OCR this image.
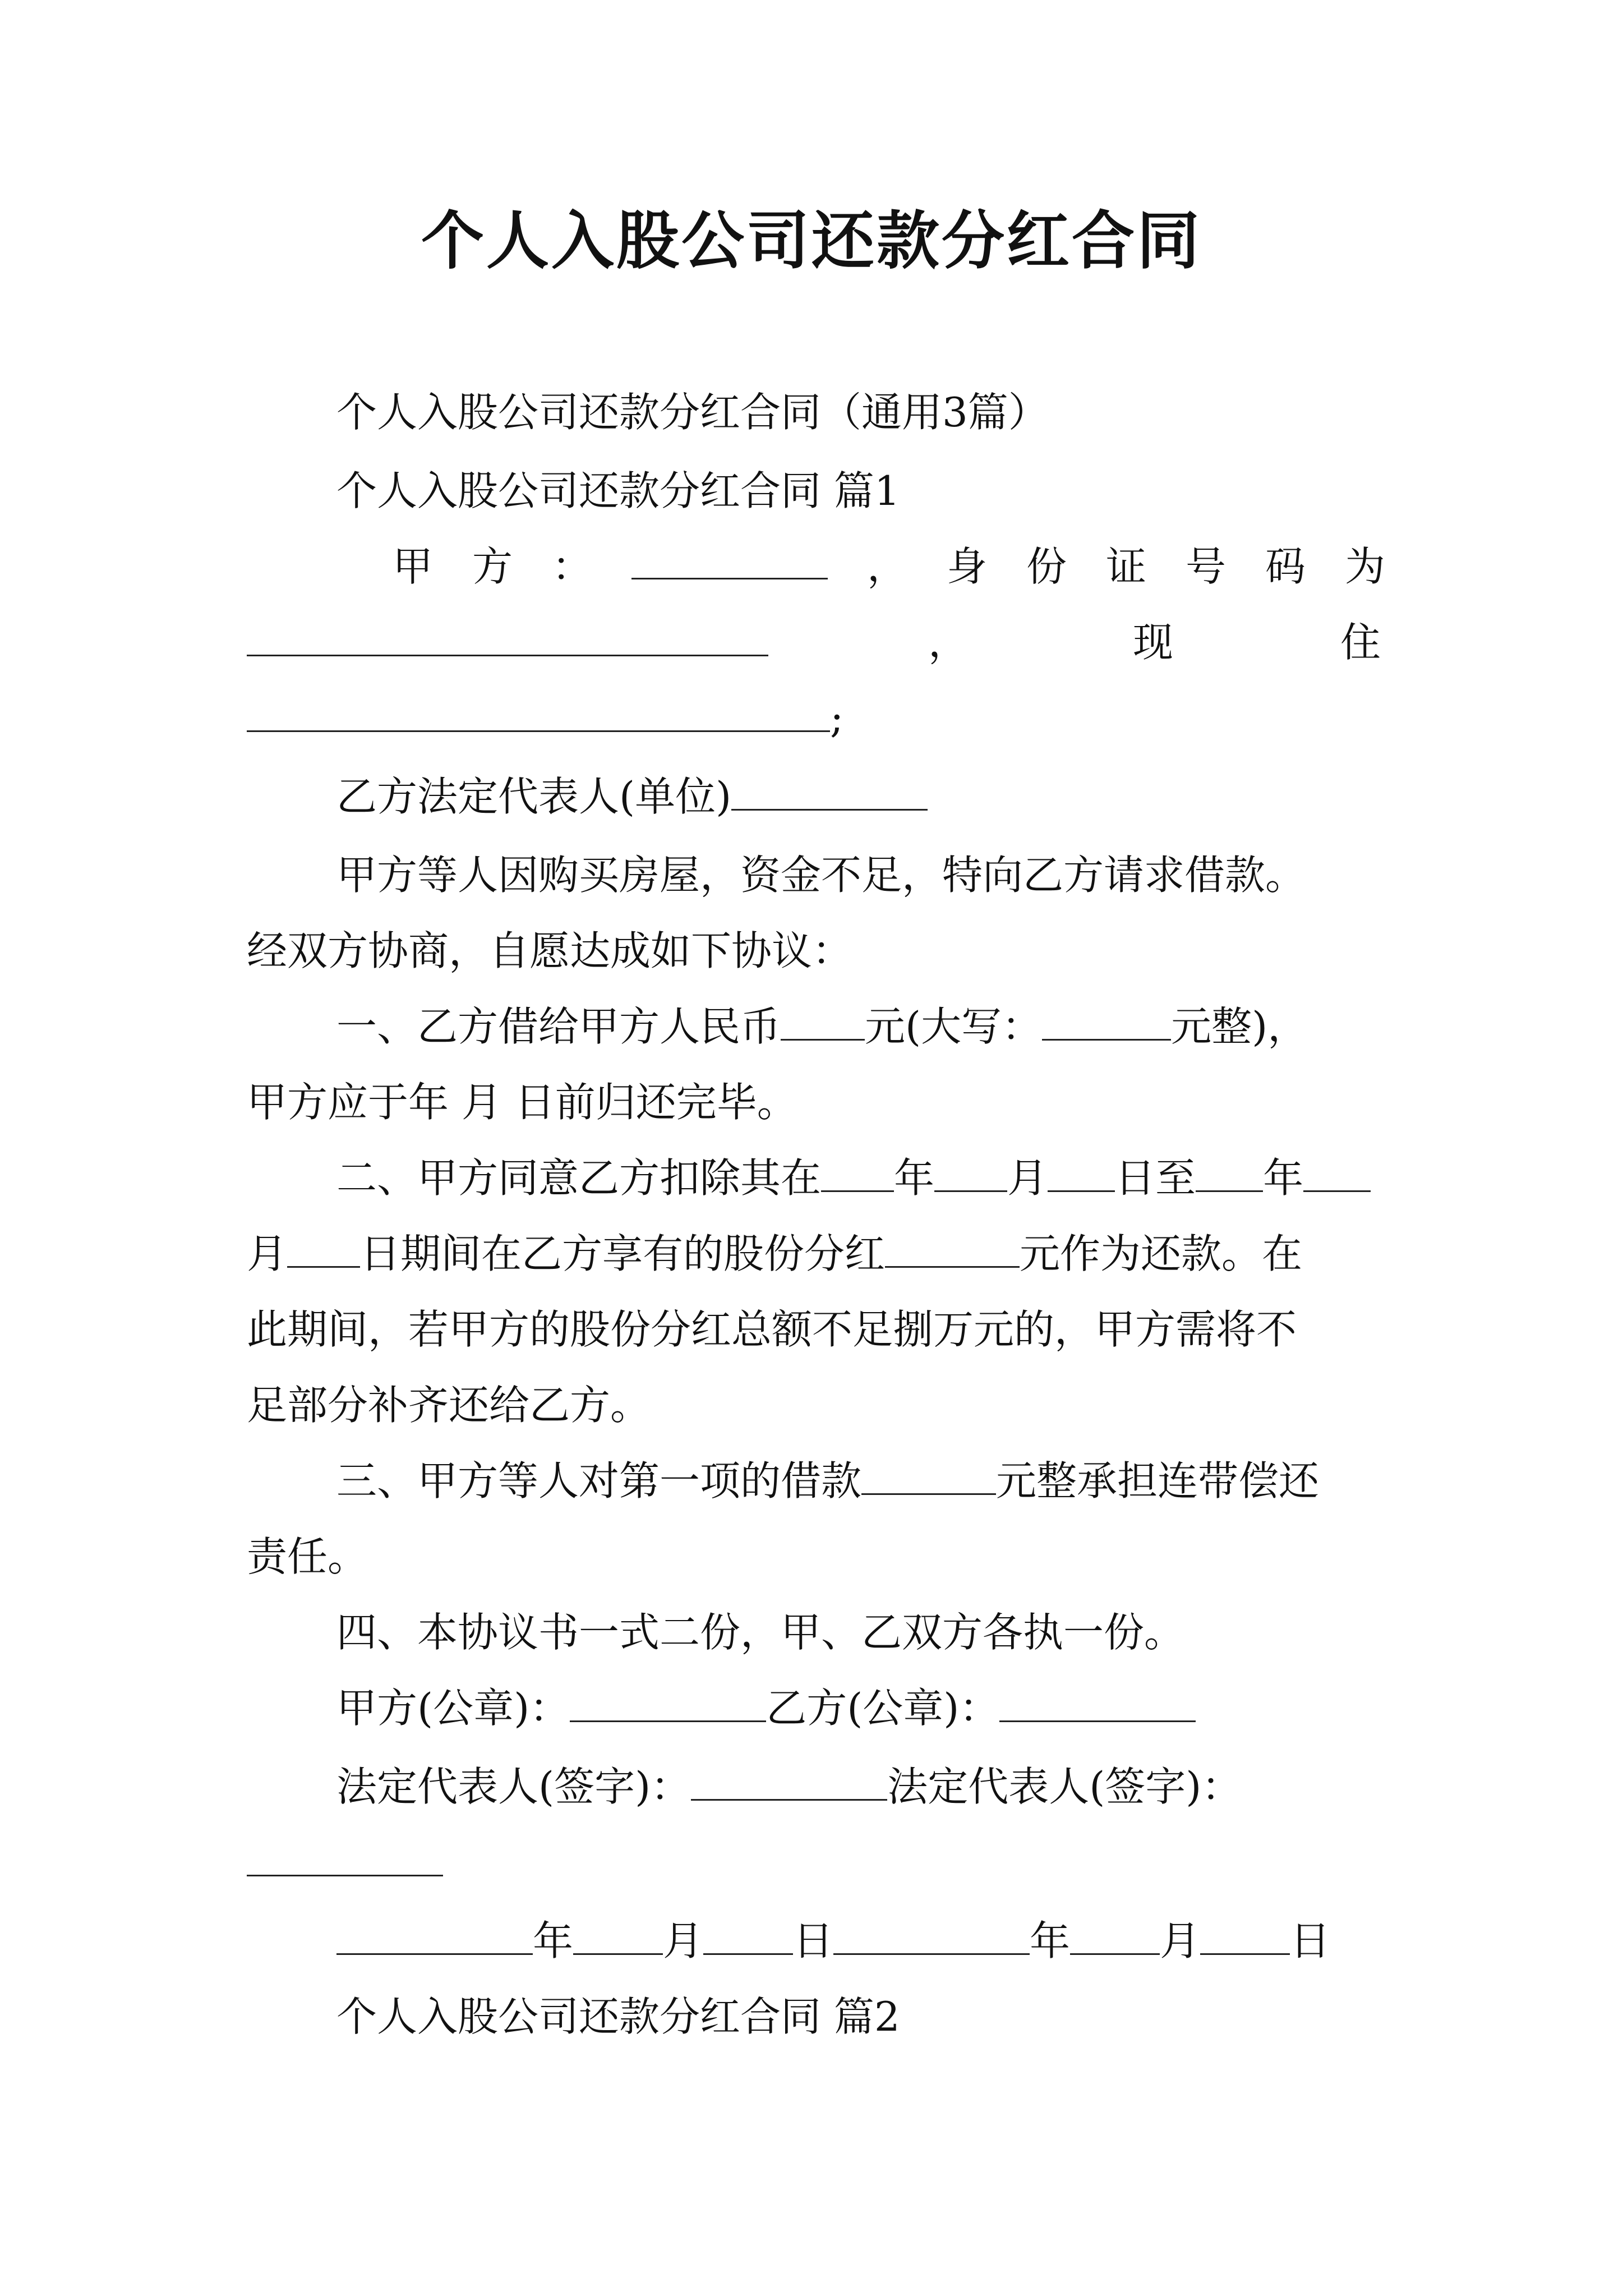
个人入股公司还款分红合同
个人入股公司还款分红合同（通用3篇）
个人入股公司还款分红合同 篇1
甲 方 ：	， 身 份 证 号 码 为
，	现	住
;
乙方法定代表人(单位)
甲方等人因购买房屋，资金不足，特向乙方请求借款。
经双方协商，自愿达成如下协议：
一、乙方借给甲方人民币 元(大写：	元整)，
甲方应于年 月 日前归还完毕。
二、甲方同意乙方扣除其在 年 月 日至 年
月 日期间在乙方享有的股份分红	元作为还款。在
此期间，若甲方的股份分红总额不足捌万元的，甲方需将不
足部分补齐还给乙方。
三、甲方等人对第一项的借款	元整承担连带偿还
责任。
四、本协议书一式二份，甲、乙双方各执一份。
甲方(公章)：	乙方(公章)：
法定代表人(签字)：	法定代表人(签字)：
年 月 日	年 月 日
个人入股公司还款分红合同 篇2
